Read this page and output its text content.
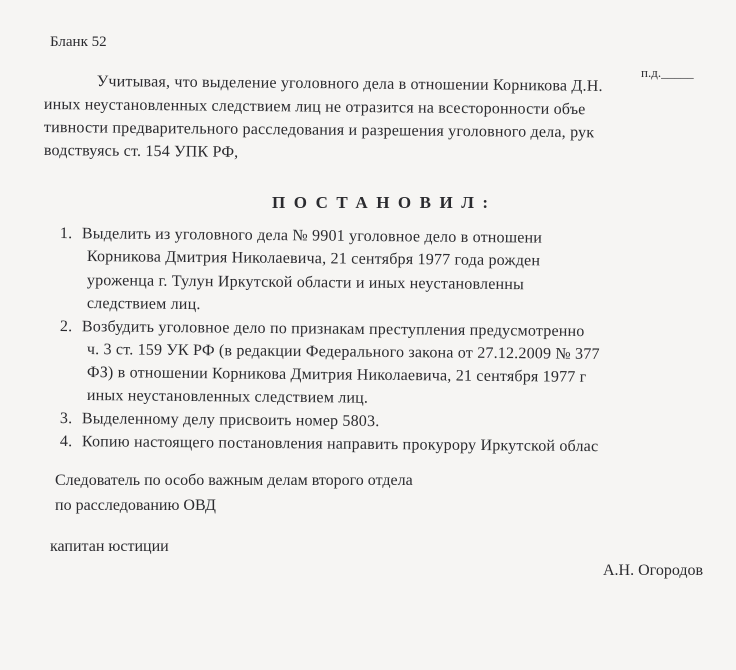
Бланк 52
п.д._____
Учитывая, что выделение уголовного дела в отношении Корникова Д.Н.
иных неустановленных следствием лиц не отразится на всесторонности объе
тивности предварительного расследования и разрешения уголовного дела, рук
водствуясь ст. 154 УПК РФ,
ПОСТАНОВИЛ:
1. Выделить из уголовного дела № 9901 уголовное дело в отношени
Корникова Дмитрия Николаевича, 21 сентября 1977 года рожден
уроженца г. Тулун Иркутской области и иных неустановленны
следствием лиц.
2. Возбудить уголовное дело по признакам преступления предусмотренно
ч. 3 ст. 159 УК РФ (в редакции Федерального закона от 27.12.2009 № 377
ФЗ) в отношении Корникова Дмитрия Николаевича, 21 сентября 1977 г
иных неустановленных следствием лиц.
3. Выделенному делу присвоить номер 5803.
4. Копию настоящего постановления направить прокурору Иркутской облас
Следователь по особо важным делам второго отдела
по расследованию ОВД
капитан юстиции
А.Н. Огородов
